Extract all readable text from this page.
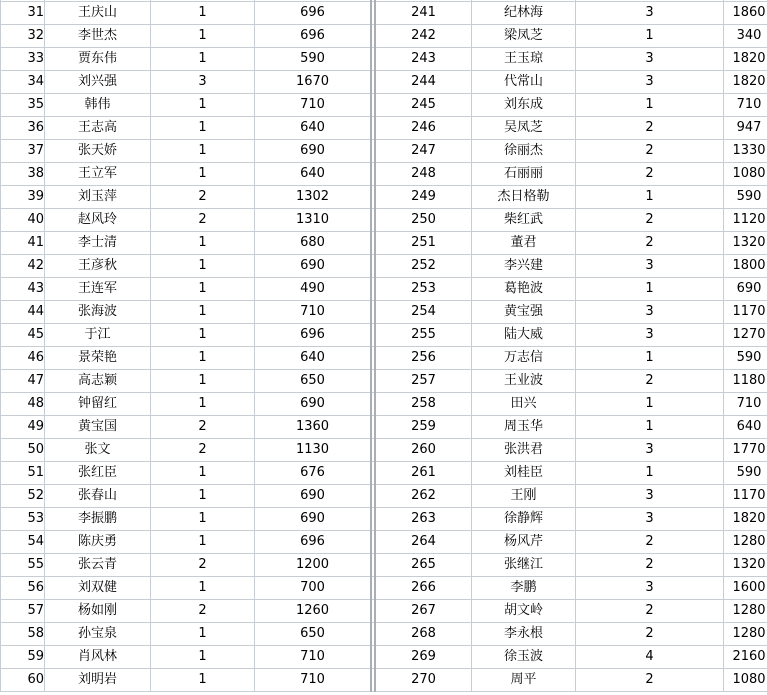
31	王庆山	1	696		241	纪林海	3	1860
32	李世杰	1	696		242	梁凤芝	1	340
33	贾东伟	1	590		243	王玉琼	3	1820
34	刘兴强	3	1670		244	代常山	3	1820
35	韩伟	1	710		245	刘东成	1	710
36	王志高	1	640		246	吴凤芝	2	947
37	张天娇	1	690		247	徐丽杰	2	1330
38	王立军	1	640		248	石丽丽	2	1080
39	刘玉萍	2	1302		249	杰日格勒	1	590
40	赵风玲	2	1310		250	柴红武	2	1120
41	李士清	1	680		251	董君	2	1320
42	王彦秋	1	690		252	李兴建	3	1800
43	王连军	1	490		253	葛艳波	1	690
44	张海波	1	710		254	黄宝强	3	1170
45	于江	1	696		255	陆大威	3	1270
46	景荣艳	1	640		256	万志信	1	590
47	高志颖	1	650		257	王业波	2	1180
48	钟留红	1	690		258	田兴	1	710
49	黄宝国	2	1360		259	周玉华	1	640
50	张文	2	1130		260	张洪君	3	1770
51	张红臣	1	676		261	刘桂臣	1	590
52	张春山	1	690		262	王刚	3	1170
53	李振鹏	1	690		263	徐静辉	3	1820
54	陈庆勇	1	696		264	杨风芹	2	1280
55	张云青	2	1200		265	张继江	2	1320
56	刘双健	1	700		266	李鹏	3	1600
57	杨如刚	2	1260		267	胡文岭	2	1280
58	孙宝泉	1	650		268	李永根	2	1280
59	肖风林	1	710		269	徐玉波	4	2160
60	刘明岩	1	710		270	周平	2	1080
